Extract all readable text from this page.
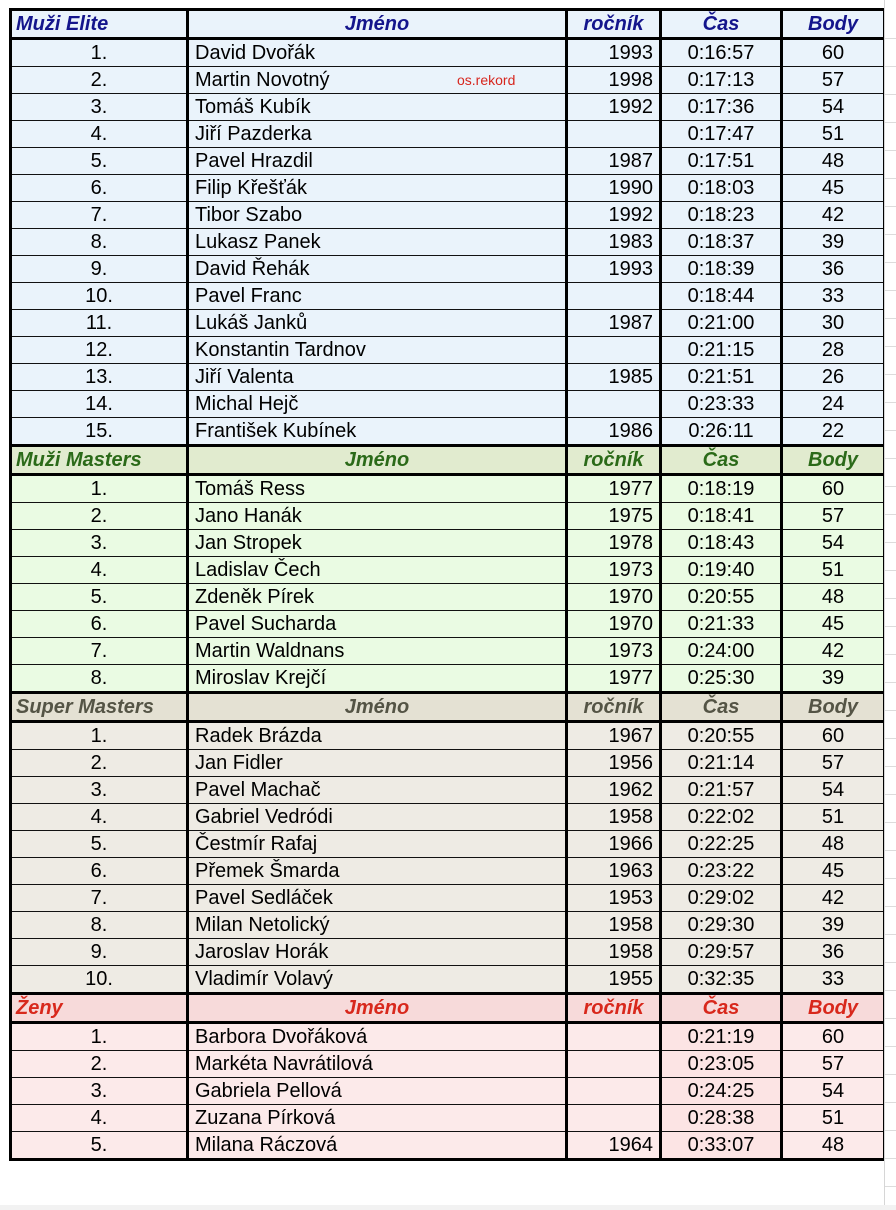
Muži Elite	Jméno	ročník	Čas	Body
1.	David Dvořák	1993	0:16:57	60
2.	Martin Novotný os.rekord	1998	0:17:13	57
3.	Tomáš Kubík	1992	0:17:36	54
4.	Jiří Pazderka		0:17:47	51
5.	Pavel Hrazdil	1987	0:17:51	48
6.	Filip Křešťák	1990	0:18:03	45
7.	Tibor Szabo	1992	0:18:23	42
8.	Lukasz Panek	1983	0:18:37	39
9.	David Řehák	1993	0:18:39	36
10.	Pavel Franc		0:18:44	33
11.	Lukáš Janků	1987	0:21:00	30
12.	Konstantin Tardnov		0:21:15	28
13.	Jiří Valenta	1985	0:21:51	26
14.	Michal Hejč		0:23:33	24
15.	František Kubínek	1986	0:26:11	22
Muži Masters	Jméno	ročník	Čas	Body
1.	Tomáš Ress	1977	0:18:19	60
2.	Jano Hanák	1975	0:18:41	57
3.	Jan Stropek	1978	0:18:43	54
4.	Ladislav Čech	1973	0:19:40	51
5.	Zdeněk Pírek	1970	0:20:55	48
6.	Pavel Sucharda	1970	0:21:33	45
7.	Martin Waldnans	1973	0:24:00	42
8.	Miroslav Krejčí	1977	0:25:30	39
Super Masters	Jméno	ročník	Čas	Body
1.	Radek Brázda	1967	0:20:55	60
2.	Jan Fidler	1956	0:21:14	57
3.	Pavel Machač	1962	0:21:57	54
4.	Gabriel Vedródi	1958	0:22:02	51
5.	Čestmír Rafaj	1966	0:22:25	48
6.	Přemek Šmarda	1963	0:23:22	45
7.	Pavel Sedláček	1953	0:29:02	42
8.	Milan Netolický	1958	0:29:30	39
9.	Jaroslav Horák	1958	0:29:57	36
10.	Vladimír Volavý	1955	0:32:35	33
Ženy	Jméno	ročník	Čas	Body
1.	Barbora Dvořáková		0:21:19	60
2.	Markéta Navrátilová		0:23:05	57
3.	Gabriela Pellová		0:24:25	54
4.	Zuzana Pírková		0:28:38	51
5.	Milana Ráczová	1964	0:33:07	48
